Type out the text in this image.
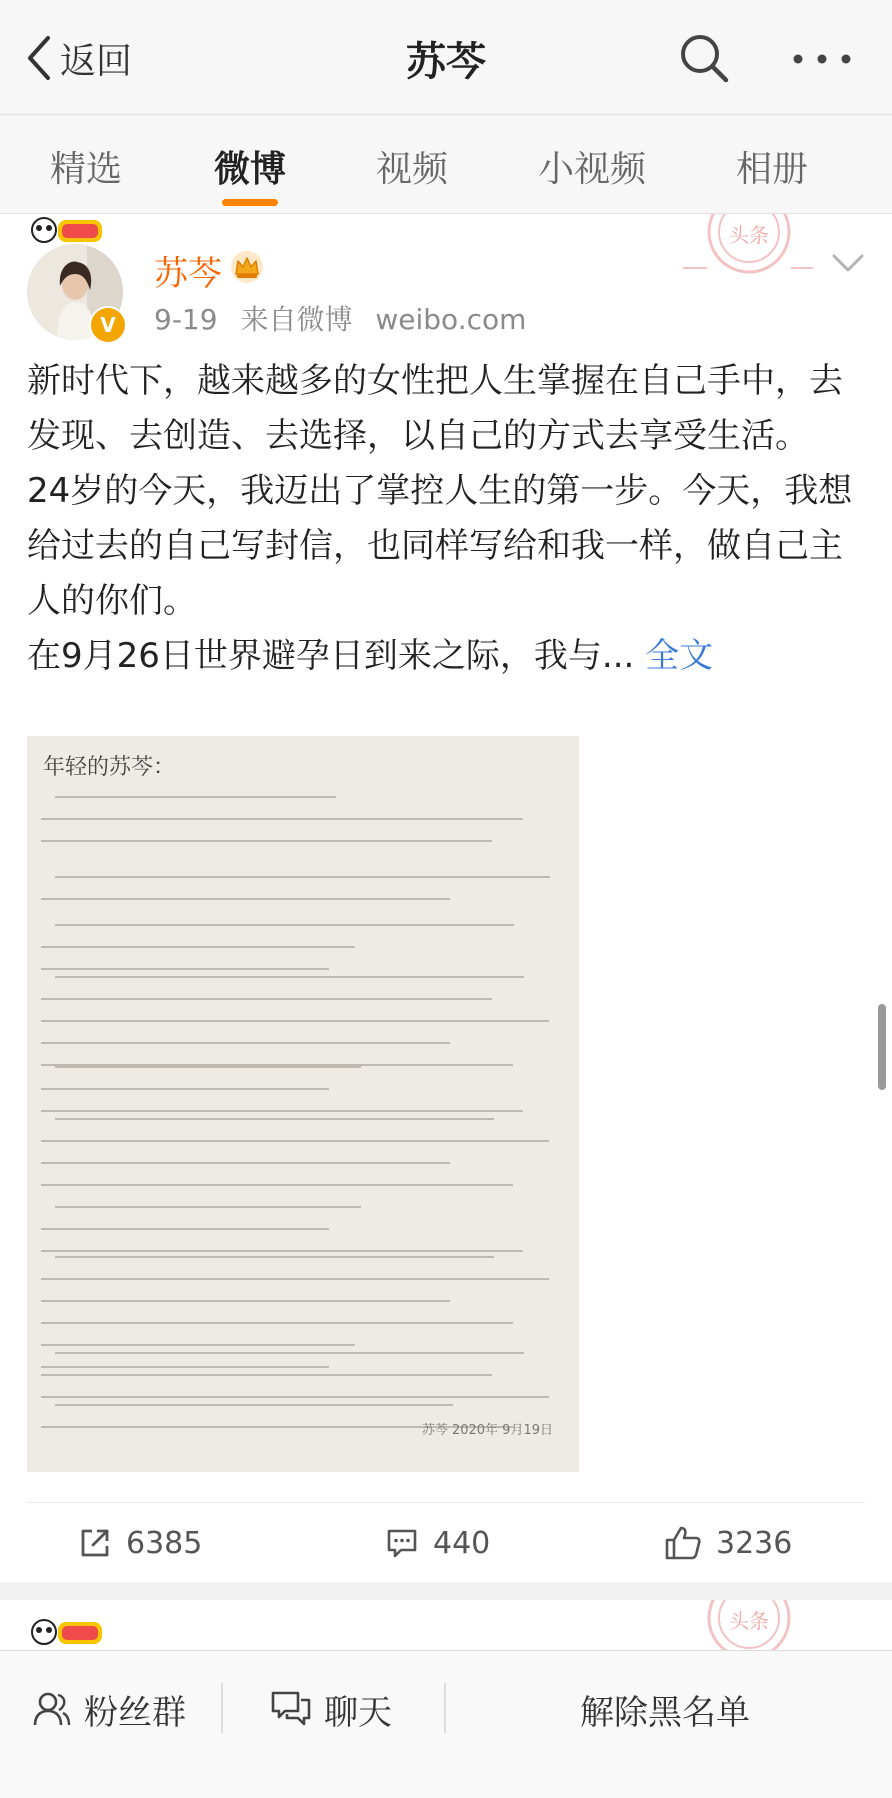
返回	苏芩
精选	微博 视频 小视频 相册
V
苏芩
9-19 来自微博 weibo.com
头条

新时代下，越来越多的女性把人生掌握在自己手中，去发现、去创造、去选择，以自己的方式去享受生活。

24岁的今天，我迈出了掌控人生的第一步。今天，我想给过去的自己写封信，也同样写给和我一样，做自己主人的你们。

在9月26日世界避孕日到来之际，我与... 全文

年轻的苏芩：
苏芩 2020年 9月19日
6385	440	3236
头条
粉丝群	聊天	解除黑名单
